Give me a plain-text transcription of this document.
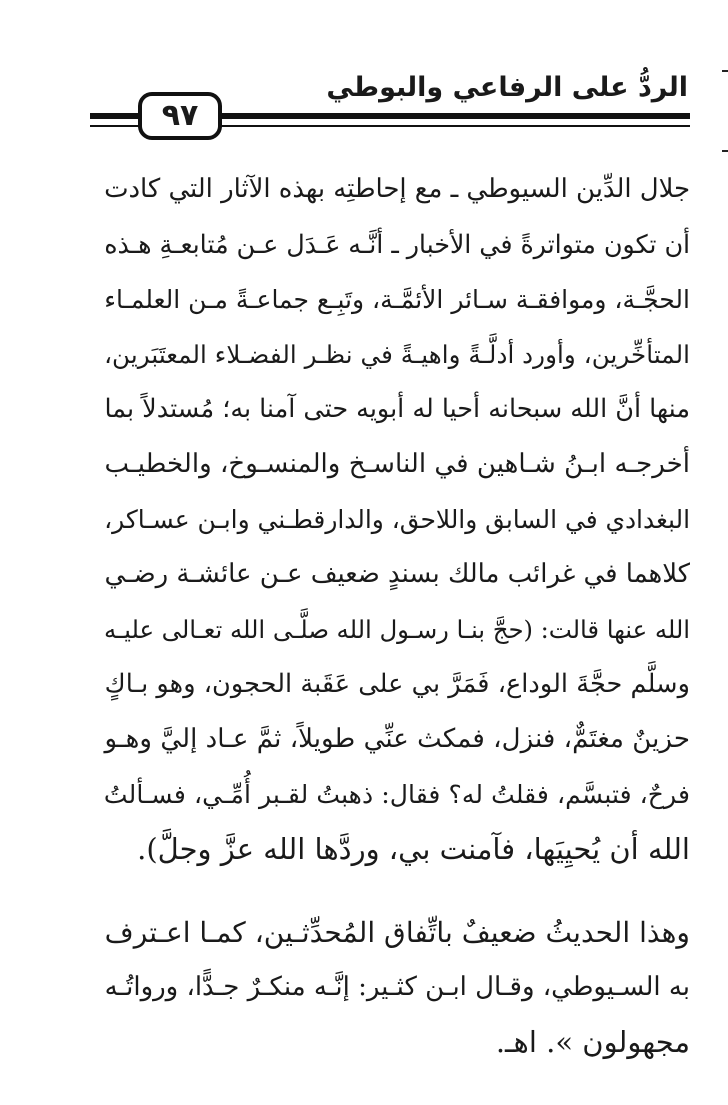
الردُّ على الرفاعي والبوطي
٩٧
جلال الدِّين السيوطي ـ مع إحاطتِه بهذه الآثار التي كادت
أن تكون متواترةً في الأخبار ـ أنَّـه عَـدَل عـن مُتابعـةِ هـذه
الحجَّـة، وموافقـة سـائر الأئمَّـة، وتَبِـع جماعـةً مـن العلمـاء
المتأخِّرين، وأورد أدلَّـةً واهيـةً في نظـر الفضـلاء المعتَبَرين،
منها أنَّ الله سبحانه أحيا له أبويه حتى آمنا به؛ مُستدلاً بما
أخرجـه ابـنُ شـاهين في الناسـخ والمنسـوخ، والخطيـب
البغدادي في السابق واللاحق، والدارقطـني وابـن عسـاكر،
كلاهما في غرائب مالك بسندٍ ضعيف عـن عائشـة رضـي
الله عنها قالت: (حجَّ بنـا رسـول الله صلَّـى الله تعـالى عليـه
وسلَّم حجَّةَ الوداع، فَمَرَّ بي على عَقَبة الحجون، وهو بـاكٍ
حزينٌ مغتَمٌّ، فنزل، فمكث عنِّي طويلاً، ثمَّ عـاد إليَّ وهـو
فرحٌ، فتبسَّم، فقلتُ له؟ فقال: ذهبتُ لقـبر أُمِّـي، فسـألتُ
الله أن يُحيِيَها، فآمنت بي، وردَّها الله عزَّ وجلَّ).
وهذا الحديثُ ضعيفٌ باتِّفاق المُحدِّثـين، كمـا اعـترف
به السـيوطي، وقـال ابـن كثـير: إنَّـه منكـرٌ جـدًّا، ورواتُـه
مجهولون ». اهـ.
